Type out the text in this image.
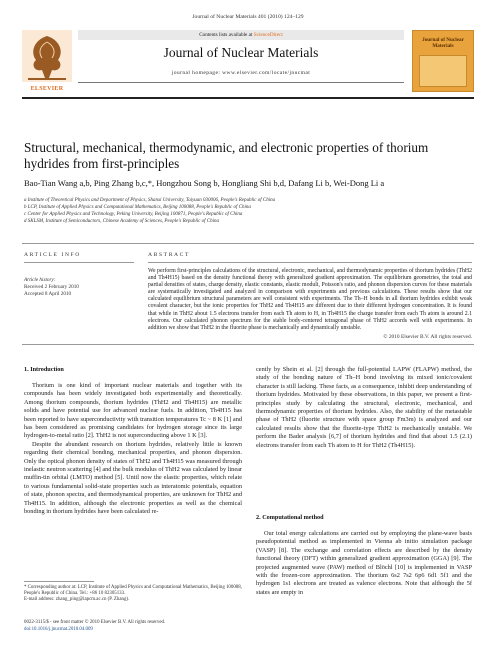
Journal of Nuclear Materials 401 (2010) 124–129
ELSEVIER
Contents lists available at ScienceDirect
Journal of Nuclear Materials
journal homepage: www.elsevier.com/locate/jnucmat
Journal of Nuclear Materials
Structural, mechanical, thermodynamic, and electronic properties of thorium hydrides from first-principles
Bao-Tian Wang a,b, Ping Zhang b,c,*, Hongzhou Song b, Hongliang Shi b,d, Dafang Li b, Wei-Dong Li a
a Institute of Theoretical Physics and Department of Physics, Shanxi University, Taiyuan 030006, People's Republic of China
b LCP, Institute of Applied Physics and Computational Mathematics, Beijing 100088, People's Republic of China
c Center for Applied Physics and Technology, Peking University, Beijing 100871, People's Republic of China
d SKLSM, Institute of Semiconductors, Chinese Academy of Sciences, People's Republic of China
ARTICLE INFO
Article history:
Received 2 February 2010
Accepted 8 April 2010
ABSTRACT
We perform first-principles calculations of the structural, electronic, mechanical, and thermodynamic properties of thorium hydrides (ThH2 and Th4H15) based on the density functional theory with generalized gradient approximation. The equilibrium geometries, the total and partial densities of states, charge density, elastic constants, elastic moduli, Poisson's ratio, and phonon dispersion curves for these materials are systematically investigated and analyzed in comparison with experiments and previous calculations. These results show that our calculated equilibrium structural parameters are well consistent with experiments. The Th–H bonds in all thorium hydrides exhibit weak covalent character, but the ionic properties for ThH2 and Th4H15 are different due to their different hydrogen concentration. It is found that while in ThH2 about 1.5 electrons transfer from each Th atom to H, in Th4H15 the charge transfer from each Th atom is around 2.1 electrons. Our calculated phonon spectrum for the stable body-centered tetragonal phase of ThH2 accords well with experiments. In addition we show that ThH2 in the fluorite phase is mechanically and dynamically unstable.
© 2010 Elsevier B.V. All rights reserved.
1. Introduction

Thorium is one kind of important nuclear materials and together with its compounds has been widely investigated both experimentally and theoretically. Among thorium compounds, thorium hydrides (ThH2 and Th4H15) are metallic solids and have potential use for advanced nuclear fuels. In addition, Th4H15 has been reported to have superconductivity with transition temperatures Tc ~ 8 K [1] and has been considered as promising candidates for hydrogen storage since its large hydrogen-to-metal ratio [2]. ThH2 is not superconducting above 1 K [3].

Despite the abundant research on thorium hydrides, relatively little is known regarding their chemical bonding, mechanical properties, and phonon dispersion. Only the optical phonon density of states of ThH2 and Th4H15 was measured through inelastic neutron scattering [4] and the bulk modulus of ThH2 was calculated by linear muffin-tin orbital (LMTO) method [5]. Until now the elastic properties, which relate to various fundamental solid-state properties such as interatomic potentials, equation of state, phonon spectra, and thermodynamical properties, are unknown for ThH2 and Th4H15. In addition, although the electronic properties as well as the chemical bonding in thorium hydrides have been calculated re-

* Corresponding author at: LCP, Institute of Applied Physics and Computational Mathematics, Beijing 100088, People's Republic of China. Tel.: +86 10 82305133.
E-mail address: zhang_ping@iapcm.ac.cn (P. Zhang).
0022-3115/$ - see front matter © 2010 Elsevier B.V. All rights reserved.
doi:10.1016/j.jnucmat.2010.04.009

cently by Shein et al. [2] through the full-potential LAPW (FLAPW) method, the study of the bonding nature of Th–H bond involving its mixed ionic/covalent character is still lacking. These facts, as a consequence, inhibit deep understanding of thorium hydrides. Motivated by these observations, in this paper, we present a first-principles study by calculating the structural, electronic, mechanical, and thermodynamic properties of thorium hydrides. Also, the stability of the metastable phase of ThH2 (fluorite structure with space group Fm3m) is analyzed and our calculated results show that the fluorite-type ThH2 is mechanically unstable. We perform the Bader analysis [6,7] of thorium hydrides and find that about 1.5 (2.1) electrons transfer from each Th atom to H for ThH2 (Th4H15).

2. Computational method

Our total energy calculations are carried out by employing the plane-wave basis pseudopotential method as implemented in Vienna ab initio simulation package (VASP) [8]. The exchange and correlation effects are described by the density functional theory (DFT) within generalized gradient approximation (GGA) [9]. The projected augmented wave (PAW) method of Blöchl [10] is implemented in VASP with the frozen-core approximation. The thorium 6s2 7s2 6p6 6d1 5f1 and the hydrogen 1s1 electrons are treated as valence electrons. Note that although the 5f states are empty in
